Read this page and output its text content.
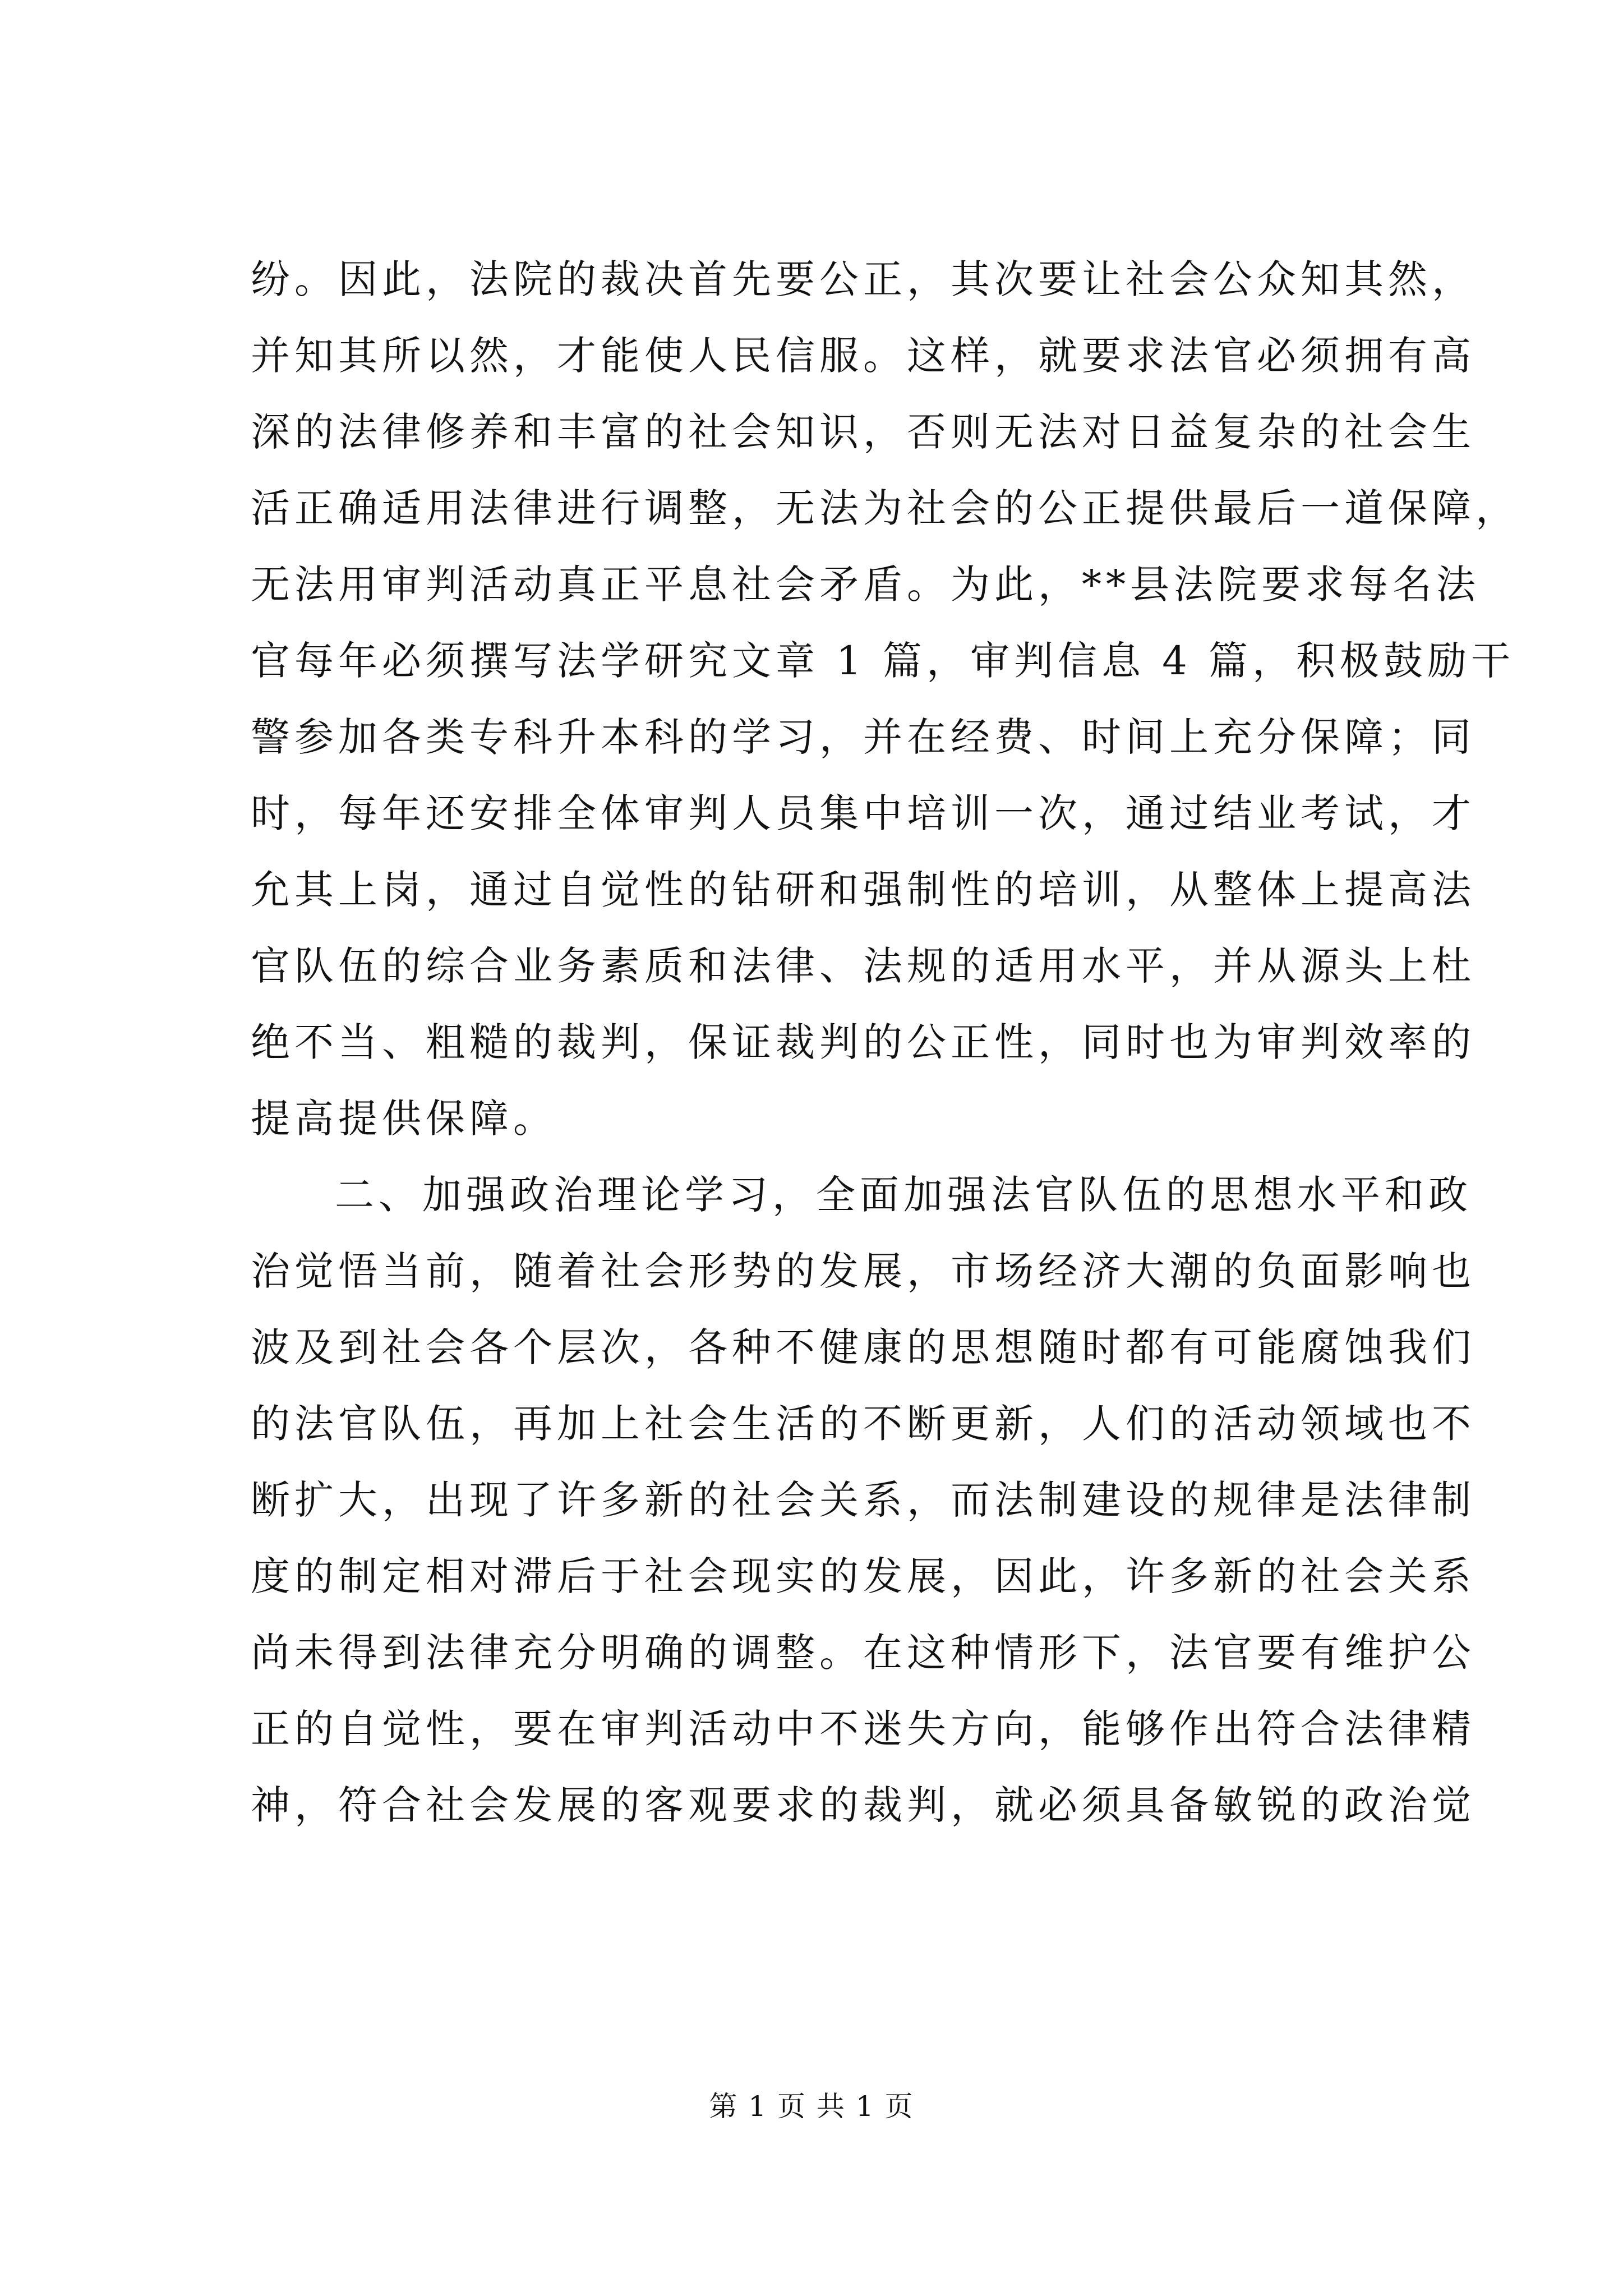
纷。因此，法院的裁决首先要公正，其次要让社会公众知其然，
并知其所以然，才能使人民信服。这样，就要求法官必须拥有高
深的法律修养和丰富的社会知识，否则无法对日益复杂的社会生
活正确适用法律进行调整，无法为社会的公正提供最后一道保障，
无法用审判活动真正平息社会矛盾。为此，**县法院要求每名法
官每年必须撰写法学研究文章 1 篇，审判信息 4 篇，积极鼓励干
警参加各类专科升本科的学习，并在经费、时间上充分保障；同
时，每年还安排全体审判人员集中培训一次，通过结业考试，才
允其上岗，通过自觉性的钻研和强制性的培训，从整体上提高法
官队伍的综合业务素质和法律、法规的适用水平，并从源头上杜
绝不当、粗糙的裁判，保证裁判的公正性，同时也为审判效率的
提高提供保障。
二、加强政治理论学习，全面加强法官队伍的思想水平和政
治觉悟当前，随着社会形势的发展，市场经济大潮的负面影响也
波及到社会各个层次，各种不健康的思想随时都有可能腐蚀我们
的法官队伍，再加上社会生活的不断更新，人们的活动领域也不
断扩大，出现了许多新的社会关系，而法制建设的规律是法律制
度的制定相对滞后于社会现实的发展，因此，许多新的社会关系
尚未得到法律充分明确的调整。在这种情形下，法官要有维护公
正的自觉性，要在审判活动中不迷失方向，能够作出符合法律精
神，符合社会发展的客观要求的裁判，就必须具备敏锐的政治觉
第 1 页 共 1 页
